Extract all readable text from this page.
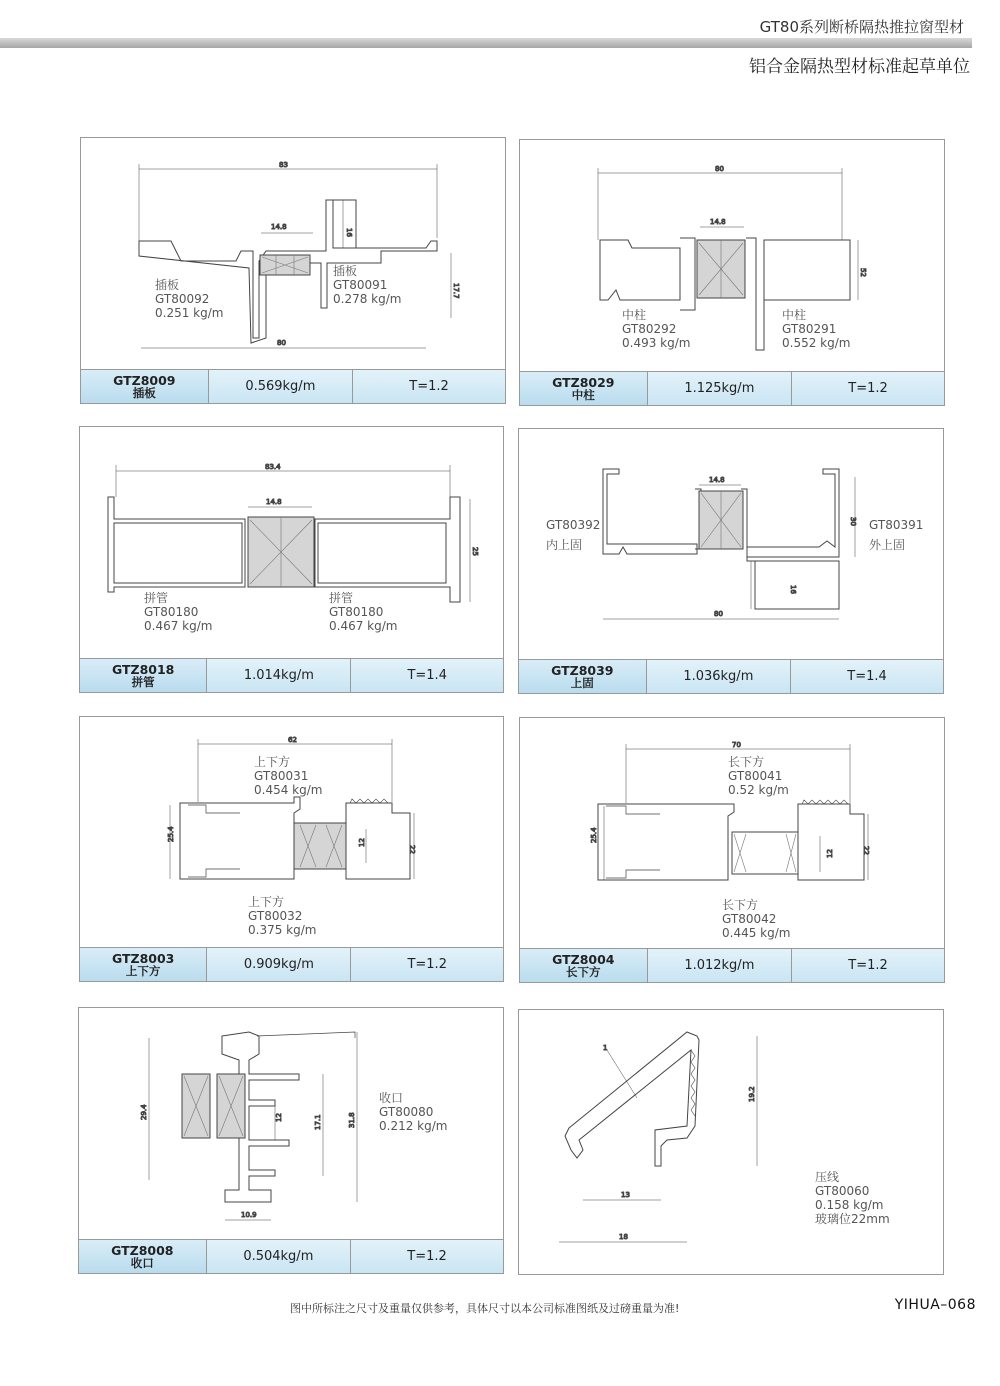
GT80系列断桥隔热推拉窗型材
铝合金隔热型材标准起草单位
83
14.8
16
17.7
80
插板
GT80092
0.251 kg/m
插板
GT80091
0.278 kg/m
GTZ8009
插板	0.569kg/m	T=1.2
80
14.8
52
中柱
GT80292
0.493 kg/m
中柱
GT80291
0.552 kg/m
GTZ8029
中柱	1.125kg/m	T=1.2
83.4
14.8
25
拼管
GT80180
0.467 kg/m
拼管
GT80180
0.467 kg/m
GTZ8018
拼管	1.014kg/m	T=1.4
14.8
30
16
80
GT80392
内上固
GT80391
外上固
GTZ8039
上固	1.036kg/m	T=1.4
62
25.4
12
22
上下方
GT80031
0.454 kg/m
上下方
GT80032
0.375 kg/m
GTZ8003
上下方	0.909kg/m	T=1.2
70
25.4
12	22
长下方
GT80041
0.52 kg/m
长下方
GT80042
0.445 kg/m
GTZ8004
长下方	1.012kg/m	T=1.2
29.4	12	17.1	31.8
10.9
收口
GT80080
0.212 kg/m
GTZ8008
收口	0.504kg/m	T=1.2
1
19.2
13
18
压线
GT80060
0.158 kg/m
玻璃位22mm
图中所标注之尺寸及重量仅供参考，具体尺寸以本公司标准图纸及过磅重量为准!	YIHUA–068
